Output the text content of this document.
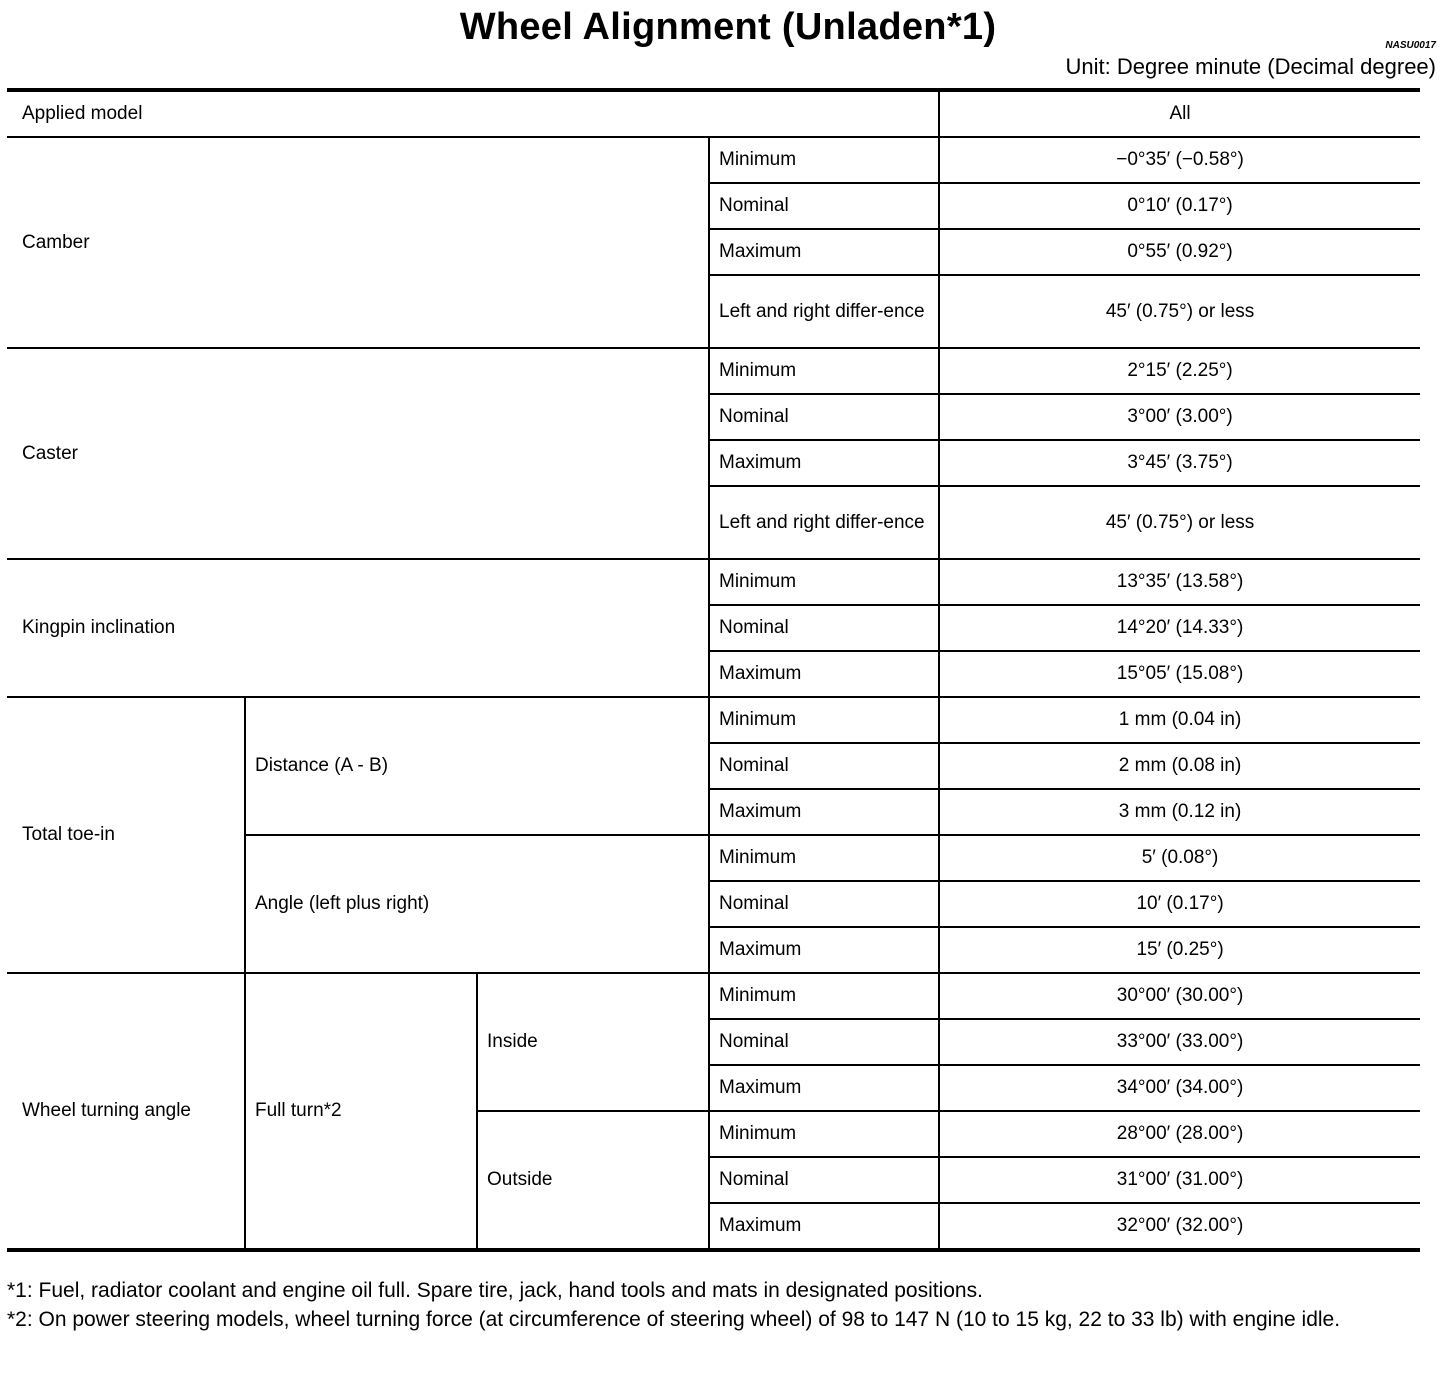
Wheel Alignment (Unladen*1)	NASU0017
Unit: Degree minute (Decimal degree)
Applied model				All
Camber			Minimum	−0°35′ (−0.58°)
			Nominal	0°10′ (0.17°)
			Maximum	0°55′ (0.92°)
			Left and right differ-ence	45′ (0.75°) or less
Caster			Minimum	2°15′ (2.25°)
			Nominal	3°00′ (3.00°)
			Maximum	3°45′ (3.75°)
			Left and right differ-ence	45′ (0.75°) or less
Kingpin inclination			Minimum	13°35′ (13.58°)
			Nominal	14°20′ (14.33°)
			Maximum	15°05′ (15.08°)
Total toe-in	Distance (A - B)		Minimum	1 mm (0.04 in)
			Nominal	2 mm (0.08 in)
			Maximum	3 mm (0.12 in)
	Angle (left plus right)		Minimum	5′ (0.08°)
			Nominal	10′ (0.17°)
			Maximum	15′ (0.25°)
Wheel turning angle	Full turn*2	Inside	Minimum	30°00′ (30.00°)
			Nominal	33°00′ (33.00°)
			Maximum	34°00′ (34.00°)
		Outside	Minimum	28°00′ (28.00°)
			Nominal	31°00′ (31.00°)
			Maximum	32°00′ (32.00°)

*1: Fuel, radiator coolant and engine oil full. Spare tire, jack, hand tools and mats in designated positions.

*2: On power steering models, wheel turning force (at circumference of steering wheel) of 98 to 147 N (10 to 15 kg, 22 to 33 lb) with engine idle.
